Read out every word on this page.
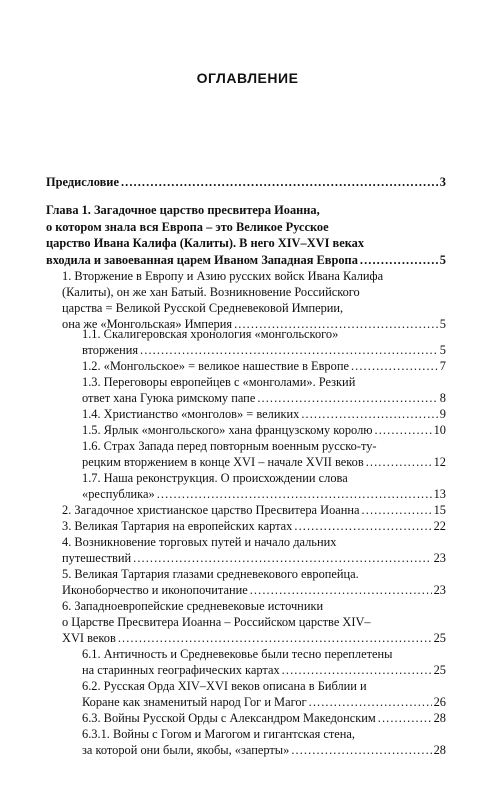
ОГЛАВЛЕНИЕ
Предисловие . . .	3
Глава 1. Загадочное царство пресвитера Иоанна,
о котором знала вся Европа – это Великое Русское
царство Ивана Калифа (Калиты). В него XIV–XVI веках
входила и завоеванная царем Иваном Западная Европа . . .	5
1. Вторжение в Европу и Азию русских войск Ивана Калифа
(Калиты), он же хан Батый. Возникновение Российского
царства = Великой Русской Средневековой Империи,
она же «Монгольская» Империя . . .	5
1.1. Скалигеровская хронология «монгольского»
вторжения . . .	5
1.2. «Монгольское» = великое нашествие в Европе . . .	7
1.3. Переговоры европейцев с «монголами». Резкий
ответ хана Гуюка римскому папе . . .	8
1.4. Христианство «монголов» = великих . . .	9
1.5. Ярлык «монгольского» хана французскому королю . . .	10
1.6. Страх Запада перед повторным военным русско-ту-
рецким вторжением в конце XVI – начале XVII веков . . .	12
1.7. Наша реконструкция. О происхождении слова
«республика» . . .	13
2. Загадочное христианское царство Пресвитера Иоанна . . .	15
3. Великая Тартария на европейских картах . . .	22
4. Возникновение торговых путей и начало дальних
путешествий . . .	23
5. Великая Тартария глазами средневекового европейца.
Иконоборчество и иконопочитание . . .	23
6. Западноевропейские средневековые источники
о Царстве Пресвитера Иоанна – Российском царстве XIV–
XVI веков . . .	25
6.1. Античность и Средневековье были тесно переплетены
на старинных географических картах . . .	25
6.2. Русская Орда XIV–XVI веков описана в Библии и
Коране как знаменитый народ Гог и Магог . . .	26
6.3. Войны Русской Орды с Александром Македонским . . .	28
6.3.1. Войны с Гогом и Магогом и гигантская стена,
за которой они были, якобы, «заперты» . . .	28
